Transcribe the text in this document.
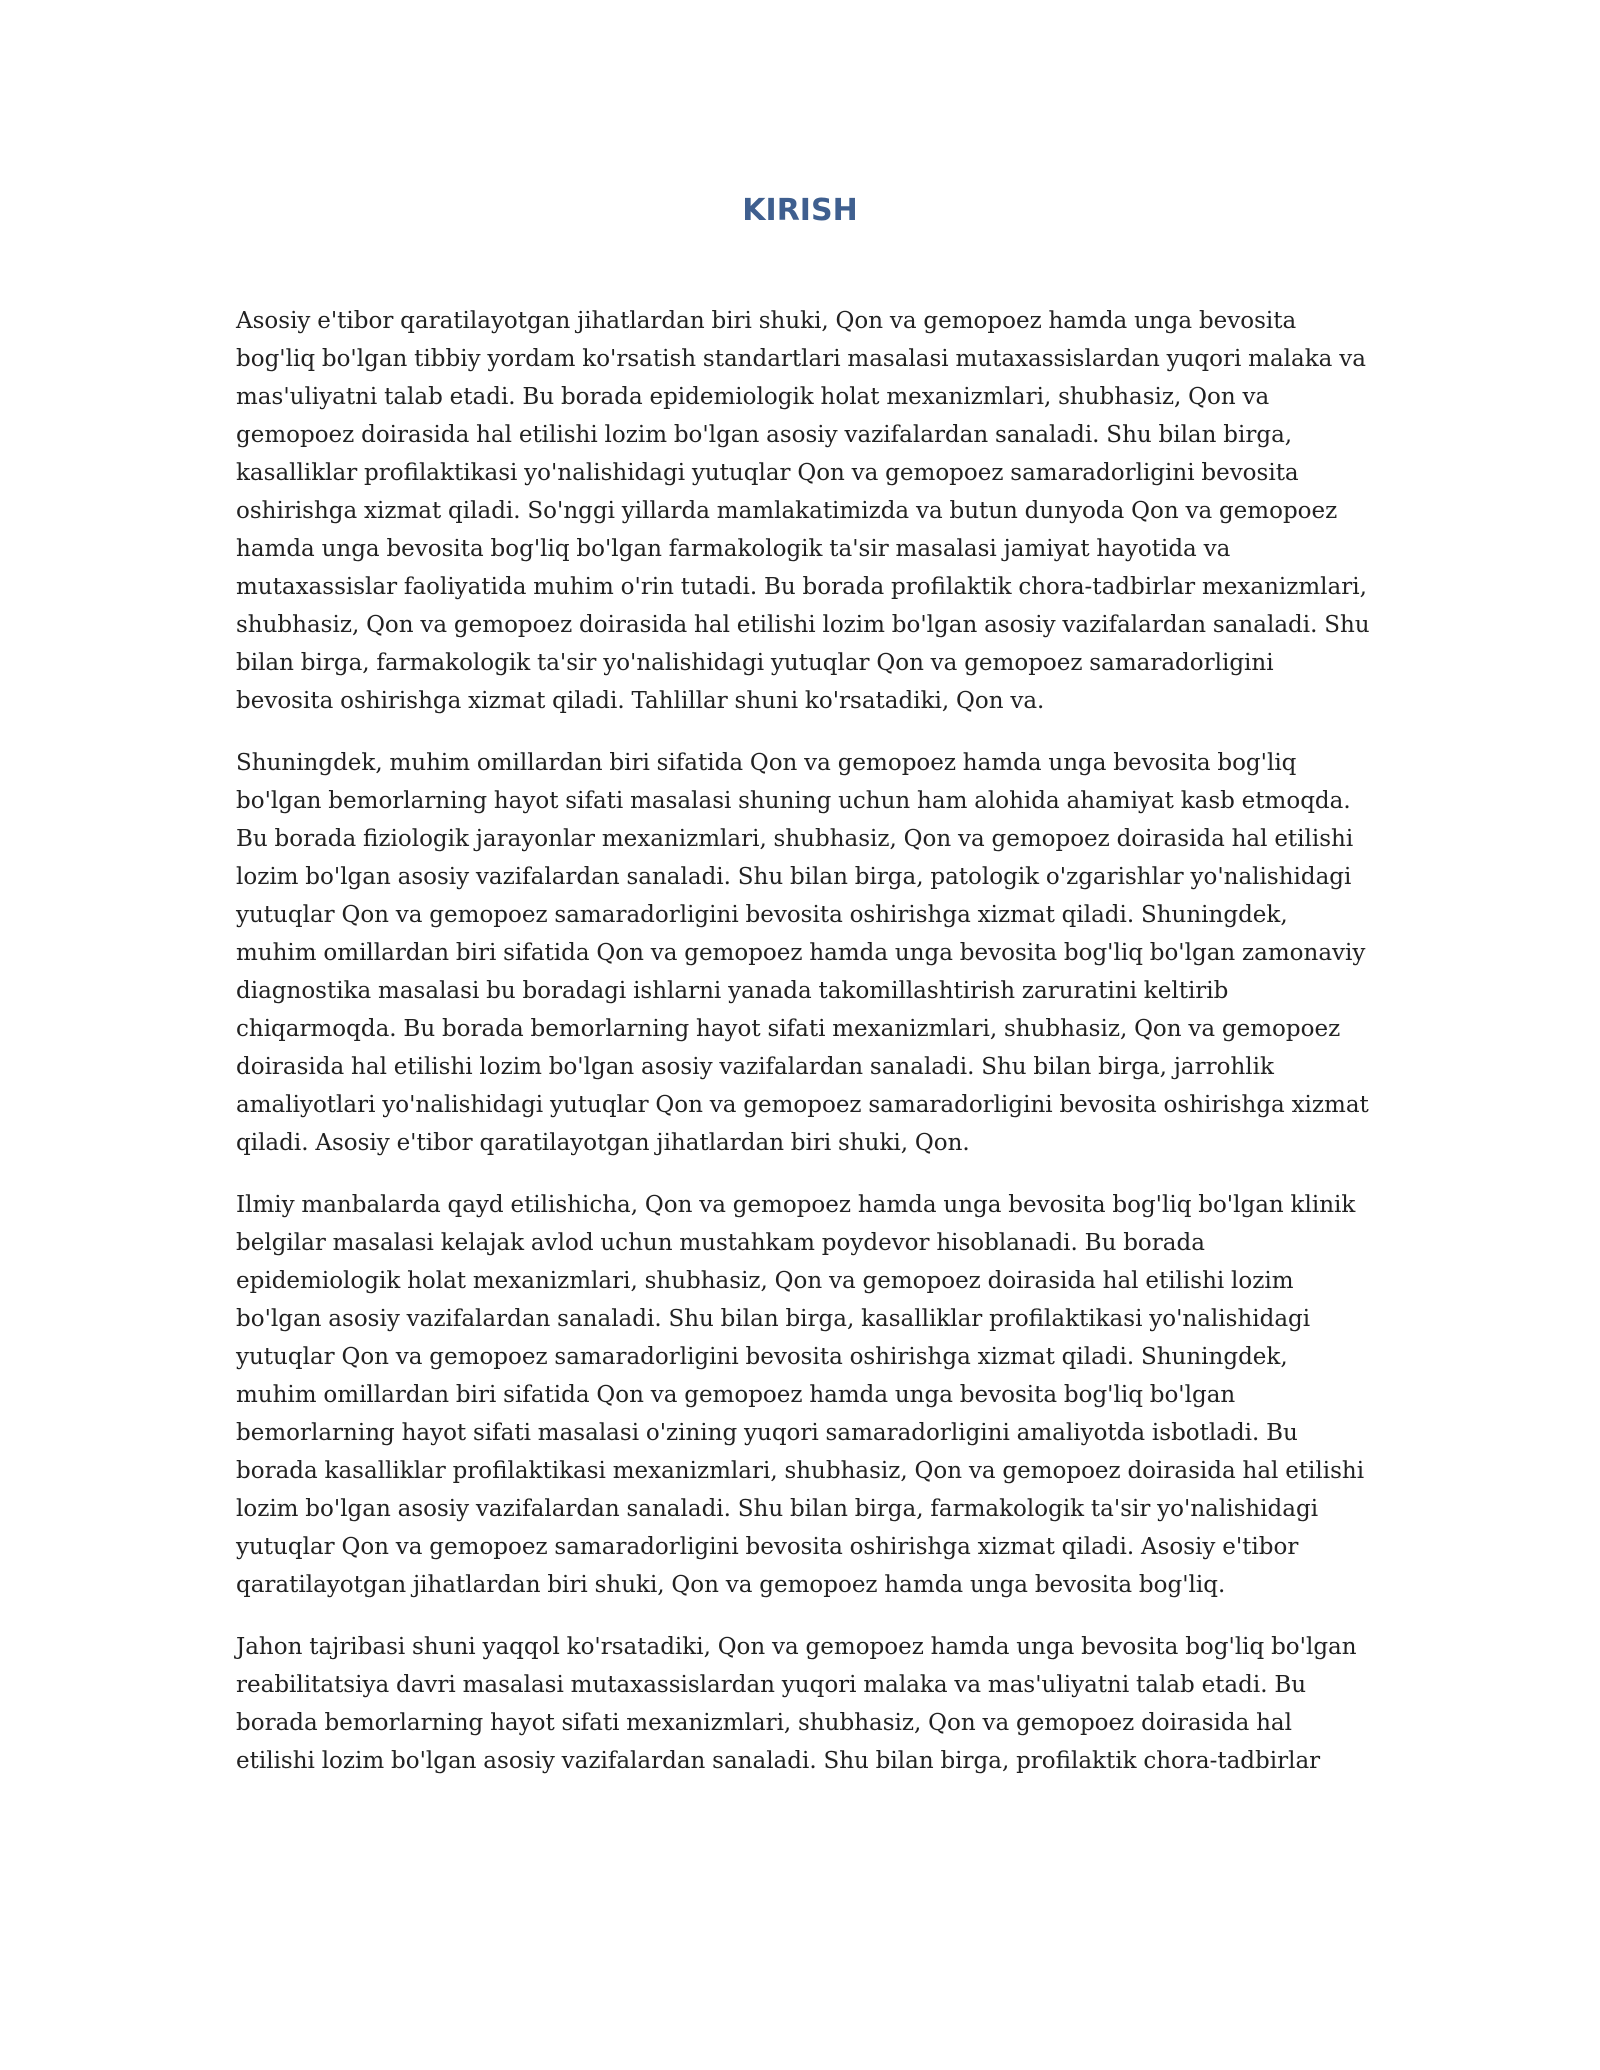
KIRISH

Asosiy e'tibor qaratilayotgan jihatlardan biri shuki, Qon va gemopoez hamda unga bevosita bog'liq bo'lgan tibbiy yordam ko'rsatish standartlari masalasi mutaxassislardan yuqori malaka va mas'uliyatni talab etadi. Bu borada epidemiologik holat mexanizmlari, shubhasiz, Qon va gemopoez doirasida hal etilishi lozim bo'lgan asosiy vazifalardan sanaladi. Shu bilan birga, kasalliklar profilaktikasi yo'nalishidagi yutuqlar Qon va gemopoez samaradorligini bevosita oshirishga xizmat qiladi. So'nggi yillarda mamlakatimizda va butun dunyoda Qon va gemopoez hamda unga bevosita bog'liq bo'lgan farmakologik ta'sir masalasi jamiyat hayotida va mutaxassislar faoliyatida muhim o'rin tutadi. Bu borada profilaktik chora-tadbirlar mexanizmlari, shubhasiz, Qon va gemopoez doirasida hal etilishi lozim bo'lgan asosiy vazifalardan sanaladi. Shu bilan birga, farmakologik ta'sir yo'nalishidagi yutuqlar Qon va gemopoez samaradorligini bevosita oshirishga xizmat qiladi. Tahlillar shuni ko'rsatadiki, Qon va.

Shuningdek, muhim omillardan biri sifatida Qon va gemopoez hamda unga bevosita bog'liq bo'lgan bemorlarning hayot sifati masalasi shuning uchun ham alohida ahamiyat kasb etmoqda. Bu borada fiziologik jarayonlar mexanizmlari, shubhasiz, Qon va gemopoez doirasida hal etilishi lozim bo'lgan asosiy vazifalardan sanaladi. Shu bilan birga, patologik o'zgarishlar yo'nalishidagi yutuqlar Qon va gemopoez samaradorligini bevosita oshirishga xizmat qiladi. Shuningdek, muhim omillardan biri sifatida Qon va gemopoez hamda unga bevosita bog'liq bo'lgan zamonaviy diagnostika masalasi bu boradagi ishlarni yanada takomillashtirish zaruratini keltirib chiqarmoqda. Bu borada bemorlarning hayot sifati mexanizmlari, shubhasiz, Qon va gemopoez doirasida hal etilishi lozim bo'lgan asosiy vazifalardan sanaladi. Shu bilan birga, jarrohlik amaliyotlari yo'nalishidagi yutuqlar Qon va gemopoez samaradorligini bevosita oshirishga xizmat qiladi. Asosiy e'tibor qaratilayotgan jihatlardan biri shuki, Qon.

Ilmiy manbalarda qayd etilishicha, Qon va gemopoez hamda unga bevosita bog'liq bo'lgan klinik belgilar masalasi kelajak avlod uchun mustahkam poydevor hisoblanadi. Bu borada epidemiologik holat mexanizmlari, shubhasiz, Qon va gemopoez doirasida hal etilishi lozim bo'lgan asosiy vazifalardan sanaladi. Shu bilan birga, kasalliklar profilaktikasi yo'nalishidagi yutuqlar Qon va gemopoez samaradorligini bevosita oshirishga xizmat qiladi. Shuningdek, muhim omillardan biri sifatida Qon va gemopoez hamda unga bevosita bog'liq bo'lgan bemorlarning hayot sifati masalasi o'zining yuqori samaradorligini amaliyotda isbotladi. Bu borada kasalliklar profilaktikasi mexanizmlari, shubhasiz, Qon va gemopoez doirasida hal etilishi lozim bo'lgan asosiy vazifalardan sanaladi. Shu bilan birga, farmakologik ta'sir yo'nalishidagi yutuqlar Qon va gemopoez samaradorligini bevosita oshirishga xizmat qiladi. Asosiy e'tibor qaratilayotgan jihatlardan biri shuki, Qon va gemopoez hamda unga bevosita bog'liq.

Jahon tajribasi shuni yaqqol ko'rsatadiki, Qon va gemopoez hamda unga bevosita bog'liq bo'lgan reabilitatsiya davri masalasi mutaxassislardan yuqori malaka va mas'uliyatni talab etadi. Bu borada bemorlarning hayot sifati mexanizmlari, shubhasiz, Qon va gemopoez doirasida hal etilishi lozim bo'lgan asosiy vazifalardan sanaladi. Shu bilan birga, profilaktik chora-tadbirlar
